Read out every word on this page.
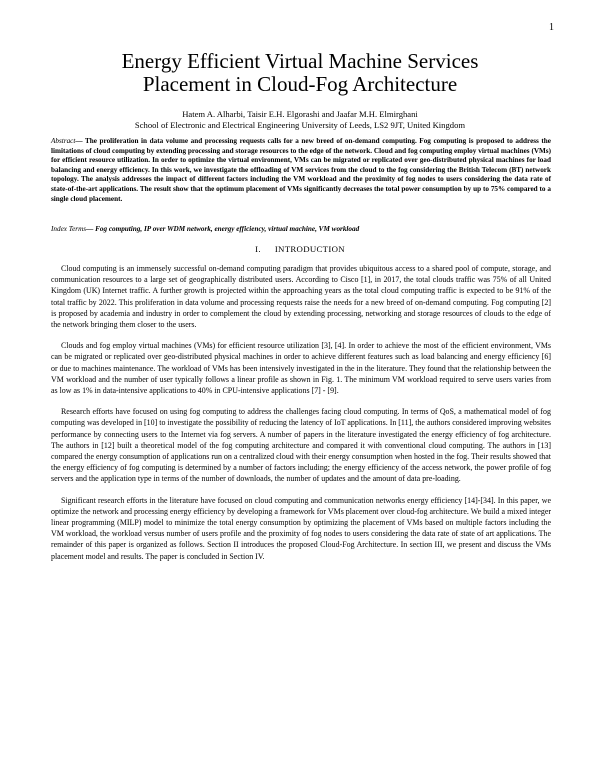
1
Energy Efficient Virtual Machine Services
Placement in Cloud-Fog Architecture
Hatem A. Alharbi, Taisir E.H. Elgorashi and Jaafar M.H. Elmirghani
School of Electronic and Electrical Engineering University of Leeds, LS2 9JT, United Kingdom
Abstract— The proliferation in data volume and processing requests calls for a new breed of on-demand computing. Fog computing is proposed to address the limitations of cloud computing by extending processing and storage resources to the edge of the network. Cloud and fog computing employ virtual machines (VMs) for efficient resource utilization. In order to optimize the virtual environment, VMs can be migrated or replicated over geo-distributed physical machines for load balancing and energy efficiency. In this work, we investigate the offloading of VM services from the cloud to the fog considering the British Telecom (BT) network topology. The analysis addresses the impact of different factors including the VM workload and the proximity of fog nodes to users considering the data rate of state-of-the-art applications. The result show that the optimum placement of VMs significantly decreases the total power consumption by up to 75% compared to a single cloud placement.
Index Terms— Fog computing, IP over WDM network, energy efficiency, virtual machine, VM workload
I. INTRODUCTION

Cloud computing is an immensely successful on-demand computing paradigm that provides ubiquitous access to a shared pool of compute, storage, and communication resources to a large set of geographically distributed users. According to Cisco [1], in 2017, the total clouds traffic was 75% of all United Kingdom (UK) Internet traffic. A further growth is projected within the approaching years as the total cloud computing traffic is expected to be 91% of the total traffic by 2022. This proliferation in data volume and processing requests raise the needs for a new breed of on-demand computing. Fog computing [2] is proposed by academia and industry in order to complement the cloud by extending processing, networking and storage resources of clouds to the edge of the network bringing them closer to the users.

Clouds and fog employ virtual machines (VMs) for efficient resource utilization [3], [4]. In order to achieve the most of the efficient environment, VMs can be migrated or replicated over geo-distributed physical machines in order to achieve different features such as load balancing and energy efficiency [6] or due to machines maintenance. The workload of VMs has been intensively investigated in the in the literature. They found that the relationship between the VM workload and the number of user typically follows a linear profile as shown in Fig. 1. The minimum VM workload required to serve users varies from as low as 1% in data-intensive applications to 40% in CPU-intensive applications [7] - [9].

Research efforts have focused on using fog computing to address the challenges facing cloud computing. In terms of QoS, a mathematical model of fog computing was developed in [10] to investigate the possibility of reducing the latency of IoT applications. In [11], the authors considered improving websites performance by connecting users to the Internet via fog servers. A number of papers in the literature investigated the energy efficiency of fog architecture. The authors in [12] built a theoretical model of the fog computing architecture and compared it with conventional cloud computing. The authors in [13] compared the energy consumption of applications run on a centralized cloud with their energy consumption when hosted in the fog. Their results showed that the energy efficiency of fog computing is determined by a number of factors including; the energy efficiency of the access network, the power profile of fog servers and the application type in terms of the number of downloads, the number of updates and the amount of data pre-loading.

Significant research efforts in the literature have focused on cloud computing and communication networks energy efficiency [14]-[34]. In this paper, we optimize the network and processing energy efficiency by developing a framework for VMs placement over cloud-fog architecture. We build a mixed integer linear programming (MILP) model to minimize the total energy consumption by optimizing the placement of VMs based on multiple factors including the VM workload, the workload versus number of users profile and the proximity of fog nodes to users considering the data rate of state of art applications. The remainder of this paper is organized as follows. Section II introduces the proposed Cloud-Fog Architecture. In section III, we present and discuss the VMs placement model and results. The paper is concluded in Section IV.
